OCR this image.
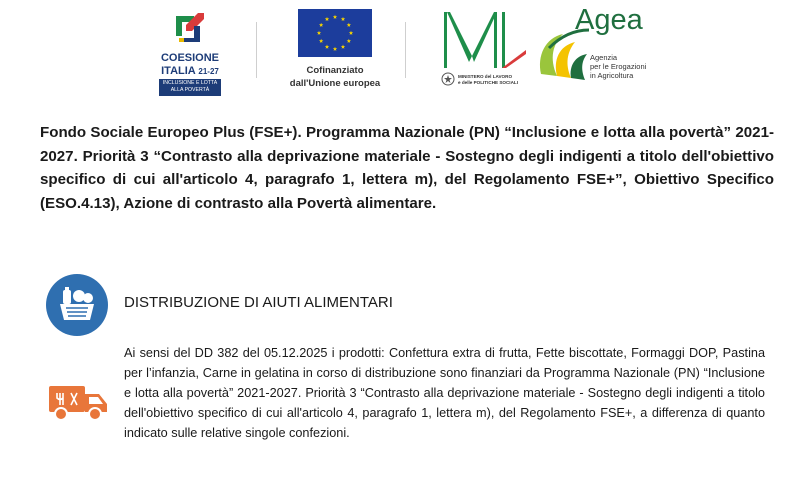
COESIONE
ITALIA 21-27
INCLUSIONE E LOTTA
ALLA POVERTÀ
Cofinanziato
dall'Unione europea
MINISTERO del LAVORO
e delle POLITICHE SOCIALI
Agea
Agenzia
per le Erogazioni
in Agricoltura

Fondo Sociale Europeo Plus (FSE+). Programma Nazionale (PN) “Inclusione e lotta alla povertà” 2021-2027. Priorità 3 “Contrasto alla deprivazione materiale - Sostegno degli indigenti a titolo dell'obiettivo specifico di cui all'articolo 4, paragrafo 1, lettera m), del Regolamento FSE+”, Obiettivo Specifico (ESO.4.13), Azione di contrasto alla Povertà alimentare.

DISTRIBUZIONE DI AIUTI ALIMENTARI

Ai sensi del DD 382 del 05.12.2025 i prodotti: Confettura extra di frutta, Fette biscottate, Formaggi DOP, Pastina per l’infanzia, Carne in gelatina in corso di distribuzione sono finanziari da Programma Nazionale (PN) “Inclusione e lotta alla povertà” 2021-2027. Priorità 3 “Contrasto alla deprivazione materiale - Sostegno degli indigenti a titolo dell'obiettivo specifico di cui all'articolo 4, paragrafo 1, lettera m), del Regolamento FSE+, a differenza di quanto indicato sulle relative singole confezioni.
